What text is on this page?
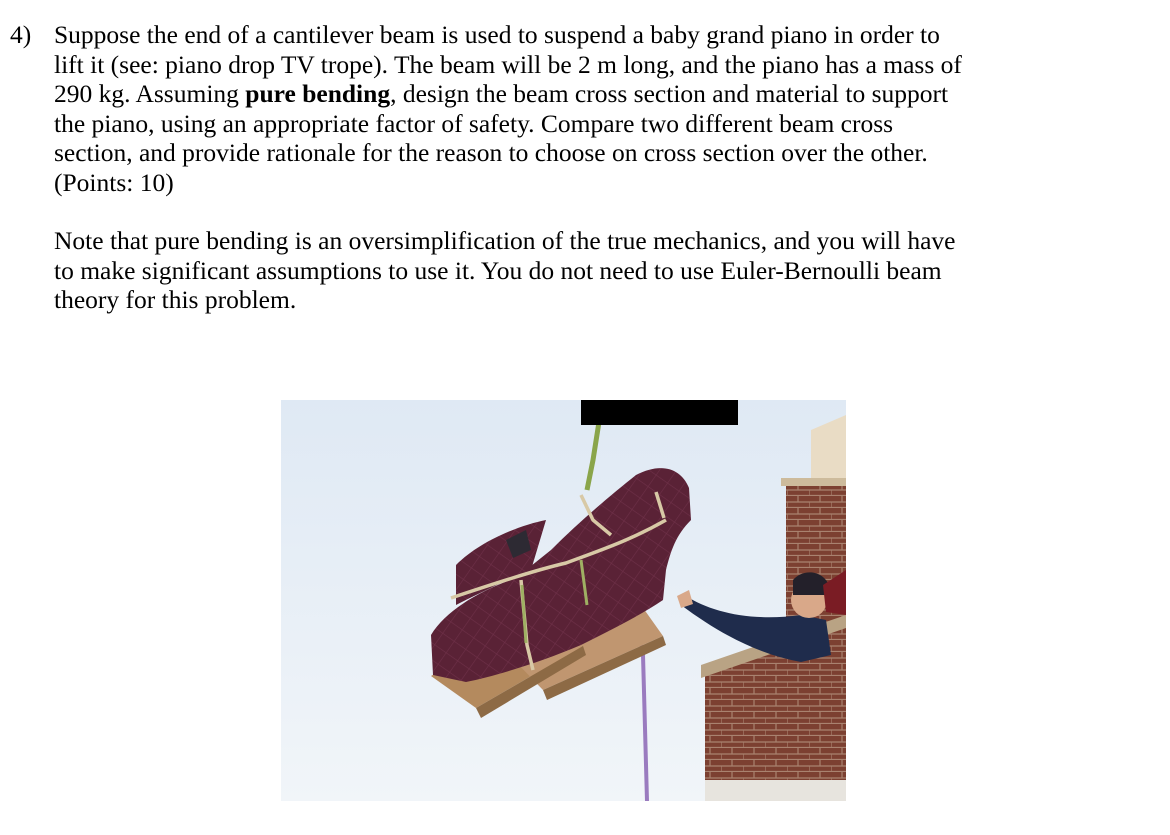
4) Suppose the end of a cantilever beam is used to suspend a baby grand piano in order to
lift it (see: piano drop TV trope). The beam will be 2 m long, and the piano has a mass of
290 kg. Assuming pure bending, design the beam cross section and material to support
the piano, using an appropriate factor of safety. Compare two different beam cross
section, and provide rationale for the reason to choose on cross section over the other.
(Points: 10)
Note that pure bending is an oversimplification of the true mechanics, and you will have
to make significant assumptions to use it. You do not need to use Euler-Bernoulli beam
theory for this problem.
